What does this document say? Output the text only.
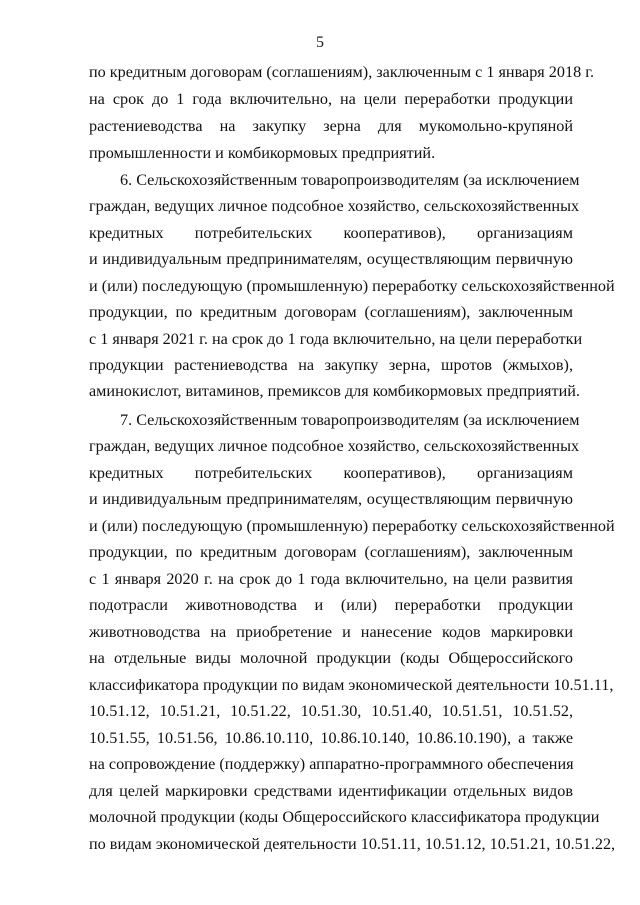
5
по кредитным договорам (соглашениям), заключенным с 1 января 2018 г.
на срок до 1 года включительно, на цели переработки продукции
растениеводства на закупку зерна для мукомольно-крупяной
промышленности и комбикормовых предприятий.
6. Сельскохозяйственным товаропроизводителям (за исключением
граждан, ведущих личное подсобное хозяйство, сельскохозяйственных
кредитных потребительских кооперативов), организациям
и индивидуальным предпринимателям, осуществляющим первичную
и (или) последующую (промышленную) переработку сельскохозяйственной
продукции, по кредитным договорам (соглашениям), заключенным
с 1 января 2021 г. на срок до 1 года включительно, на цели переработки
продукции растениеводства на закупку зерна, шротов (жмыхов),
аминокислот, витаминов, премиксов для комбикормовых предприятий.
7. Сельскохозяйственным товаропроизводителям (за исключением
граждан, ведущих личное подсобное хозяйство, сельскохозяйственных
кредитных потребительских кооперативов), организациям
и индивидуальным предпринимателям, осуществляющим первичную
и (или) последующую (промышленную) переработку сельскохозяйственной
продукции, по кредитным договорам (соглашениям), заключенным
с 1 января 2020 г. на срок до 1 года включительно, на цели развития
подотрасли животноводства и (или) переработки продукции
животноводства на приобретение и нанесение кодов маркировки
на отдельные виды молочной продукции (коды Общероссийского
классификатора продукции по видам экономической деятельности 10.51.11,
10.51.12, 10.51.21, 10.51.22, 10.51.30, 10.51.40, 10.51.51, 10.51.52,
10.51.55, 10.51.56, 10.86.10.110, 10.86.10.140, 10.86.10.190), а также
на сопровождение (поддержку) аппаратно-программного обеспечения
для целей маркировки средствами идентификации отдельных видов
молочной продукции (коды Общероссийского классификатора продукции
по видам экономической деятельности 10.51.11, 10.51.12, 10.51.21, 10.51.22,
